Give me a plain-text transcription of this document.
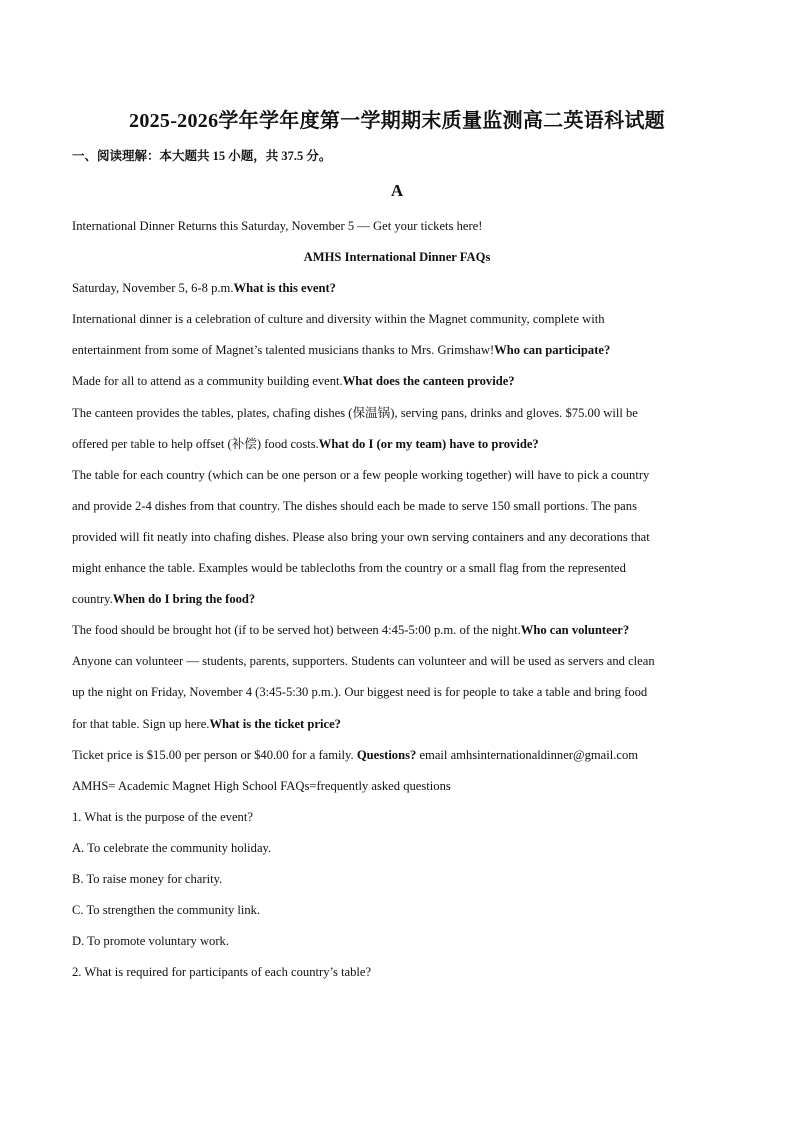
2025-2026学年学年度第一学期期末质量监测高二英语科试题
一、阅读理解：本大题共 15 小题，共 37.5 分。
A
International Dinner Returns this Saturday, November 5 — Get your tickets here!
AMHS International Dinner FAQs
Saturday, November 5, 6-8 p.m.What is this event?
International dinner is a celebration of culture and diversity within the Magnet community, complete with
entertainment from some of Magnet’s talented musicians thanks to Mrs. Grimshaw!Who can participate?
Made for all to attend as a community building event.What does the canteen provide?
The canteen provides the tables, plates, chafing dishes (保温锅), serving pans, drinks and gloves. $75.00 will be
offered per table to help offset (补偿) food costs.What do I (or my team) have to provide?
The table for each country (which can be one person or a few people working together) will have to pick a country
and provide 2-4 dishes from that country. The dishes should each be made to serve 150 small portions. The pans
provided will fit neatly into chafing dishes. Please also bring your own serving containers and any decorations that
might enhance the table. Examples would be tablecloths from the country or a small flag from the represented
country.When do I bring the food?
The food should be brought hot (if to be served hot) between 4:45-5:00 p.m. of the night.Who can volunteer?
Anyone can volunteer — students, parents, supporters. Students can volunteer and will be used as servers and clean
up the night on Friday, November 4 (3:45-5:30 p.m.). Our biggest need is for people to take a table and bring food
for that table. Sign up here.What is the ticket price?
Ticket price is $15.00 per person or $40.00 for a family. Questions? email amhsinternationaldinner@gmail.com
AMHS= Academic Magnet High School FAQs=frequently asked questions
1. What is the purpose of the event?
A. To celebrate the community holiday.
B. To raise money for charity.
C. To strengthen the community link.
D. To promote voluntary work.
2. What is required for participants of each country’s table?
